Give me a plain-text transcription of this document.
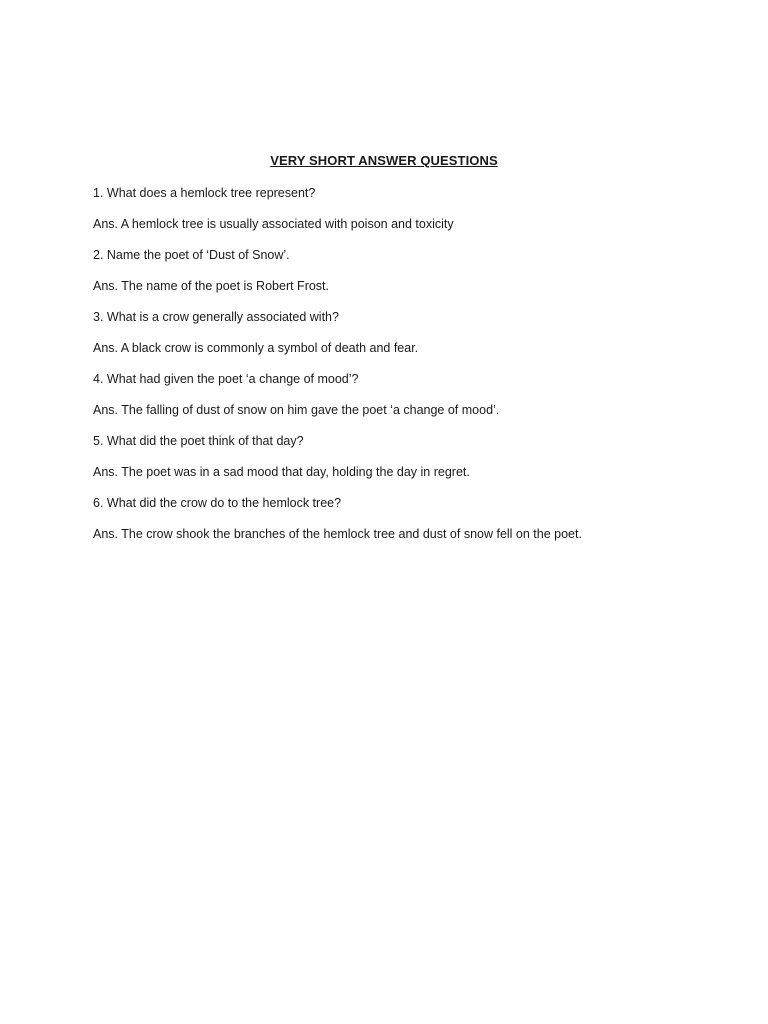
VERY SHORT ANSWER QUESTIONS
1. What does a hemlock tree represent?
Ans. A hemlock tree is usually associated with poison and toxicity
2. Name the poet of ‘Dust of Snow’.
Ans. The name of the poet is Robert Frost.
3. What is a crow generally associated with?
Ans. A black crow is commonly a symbol of death and fear.
4. What had given the poet ‘a change of mood’?
Ans. The falling of dust of snow on him gave the poet ‘a change of mood’.
5. What did the poet think of that day?
Ans. The poet was in a sad mood that day, holding the day in regret.
6. What did the crow do to the hemlock tree?
Ans. The crow shook the branches of the hemlock tree and dust of snow fell on the poet.
